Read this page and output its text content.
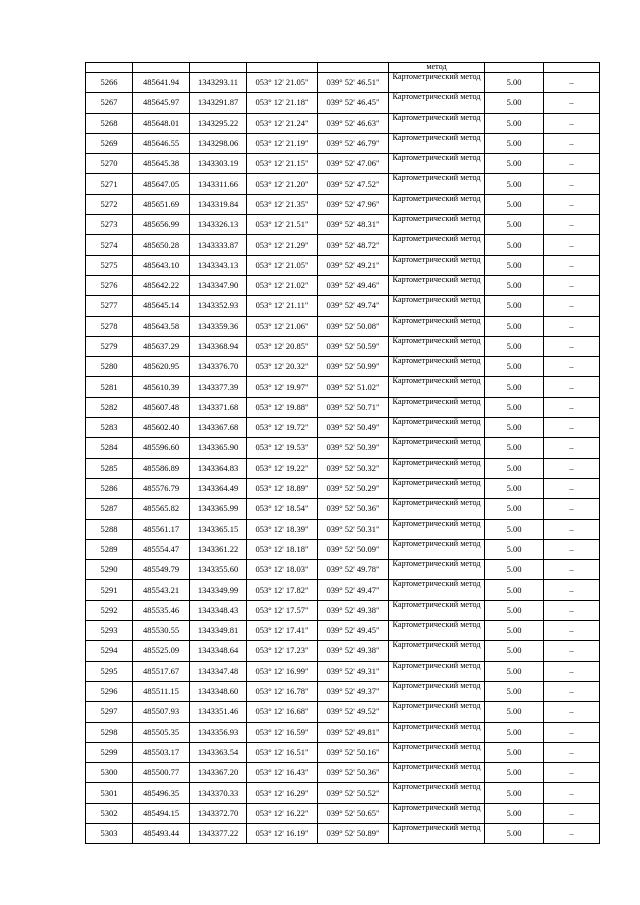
					метод		
5266	485641.94	1343293.11	053° 12' 21.05"	039° 52' 46.51"	Картометрический метод	5.00	–
5267	485645.97	1343291.87	053° 12' 21.18"	039° 52' 46.45"	Картометрический метод	5.00	–
5268	485648.01	1343295.22	053° 12' 21.24"	039° 52' 46.63"	Картометрический метод	5.00	–
5269	485646.55	1343298.06	053° 12' 21.19"	039° 52' 46.79"	Картометрический метод	5.00	–
5270	485645.38	1343303.19	053° 12' 21.15"	039° 52' 47.06"	Картометрический метод	5.00	–
5271	485647.05	1343311.66	053° 12' 21.20"	039° 52' 47.52"	Картометрический метод	5.00	–
5272	485651.69	1343319.84	053° 12' 21.35"	039° 52' 47.96"	Картометрический метод	5.00	–
5273	485656.99	1343326.13	053° 12' 21.51"	039° 52' 48.31"	Картометрический метод	5.00	–
5274	485650.28	1343333.87	053° 12' 21.29"	039° 52' 48.72"	Картометрический метод	5.00	–
5275	485643.10	1343343.13	053° 12' 21.05"	039° 52' 49.21"	Картометрический метод	5.00	–
5276	485642.22	1343347.90	053° 12' 21.02"	039° 52' 49.46"	Картометрический метод	5.00	–
5277	485645.14	1343352.93	053° 12' 21.11"	039° 52' 49.74"	Картометрический метод	5.00	–
5278	485643.58	1343359.36	053° 12' 21.06"	039° 52' 50.08"	Картометрический метод	5.00	–
5279	485637.29	1343368.94	053° 12' 20.85"	039° 52' 50.59"	Картометрический метод	5.00	–
5280	485620.95	1343376.70	053° 12' 20.32"	039° 52' 50.99"	Картометрический метод	5.00	–
5281	485610.39	1343377.39	053° 12' 19.97"	039° 52' 51.02"	Картометрический метод	5.00	–
5282	485607.48	1343371.68	053° 12' 19.88"	039° 52' 50.71"	Картометрический метод	5.00	–
5283	485602.40	1343367.68	053° 12' 19.72"	039° 52' 50.49"	Картометрический метод	5.00	–
5284	485596.60	1343365.90	053° 12' 19.53"	039° 52' 50.39"	Картометрический метод	5.00	–
5285	485586.89	1343364.83	053° 12' 19.22"	039° 52' 50.32"	Картометрический метод	5.00	–
5286	485576.79	1343364.49	053° 12' 18.89"	039° 52' 50.29"	Картометрический метод	5.00	–
5287	485565.82	1343365.99	053° 12' 18.54"	039° 52' 50.36"	Картометрический метод	5.00	–
5288	485561.17	1343365.15	053° 12' 18.39"	039° 52' 50.31"	Картометрический метод	5.00	–
5289	485554.47	1343361.22	053° 12' 18.18"	039° 52' 50.09"	Картометрический метод	5.00	–
5290	485549.79	1343355.60	053° 12' 18.03"	039° 52' 49.78"	Картометрический метод	5.00	–
5291	485543.21	1343349.99	053° 12' 17.82"	039° 52' 49.47"	Картометрический метод	5.00	–
5292	485535.46	1343348.43	053° 12' 17.57"	039° 52' 49.38"	Картометрический метод	5.00	–
5293	485530.55	1343349.81	053° 12' 17.41"	039° 52' 49.45"	Картометрический метод	5.00	–
5294	485525.09	1343348.64	053° 12' 17.23"	039° 52' 49.38"	Картометрический метод	5.00	–
5295	485517.67	1343347.48	053° 12' 16.99"	039° 52' 49.31"	Картометрический метод	5.00	–
5296	485511.15	1343348.60	053° 12' 16.78"	039° 52' 49.37"	Картометрический метод	5.00	–
5297	485507.93	1343351.46	053° 12' 16.68"	039° 52' 49.52"	Картометрический метод	5.00	–
5298	485505.35	1343356.93	053° 12' 16.59"	039° 52' 49.81"	Картометрический метод	5.00	–
5299	485503.17	1343363.54	053° 12' 16.51"	039° 52' 50.16"	Картометрический метод	5.00	–
5300	485500.77	1343367.20	053° 12' 16.43"	039° 52' 50.36"	Картометрический метод	5.00	–
5301	485496.35	1343370.33	053° 12' 16.29"	039° 52' 50.52"	Картометрический метод	5.00	–
5302	485494.15	1343372.70	053° 12' 16.22"	039° 52' 50.65"	Картометрический метод	5.00	–
5303	485493.44	1343377.22	053° 12' 16.19"	039° 52' 50.89"	Картометрический метод	5.00	–
